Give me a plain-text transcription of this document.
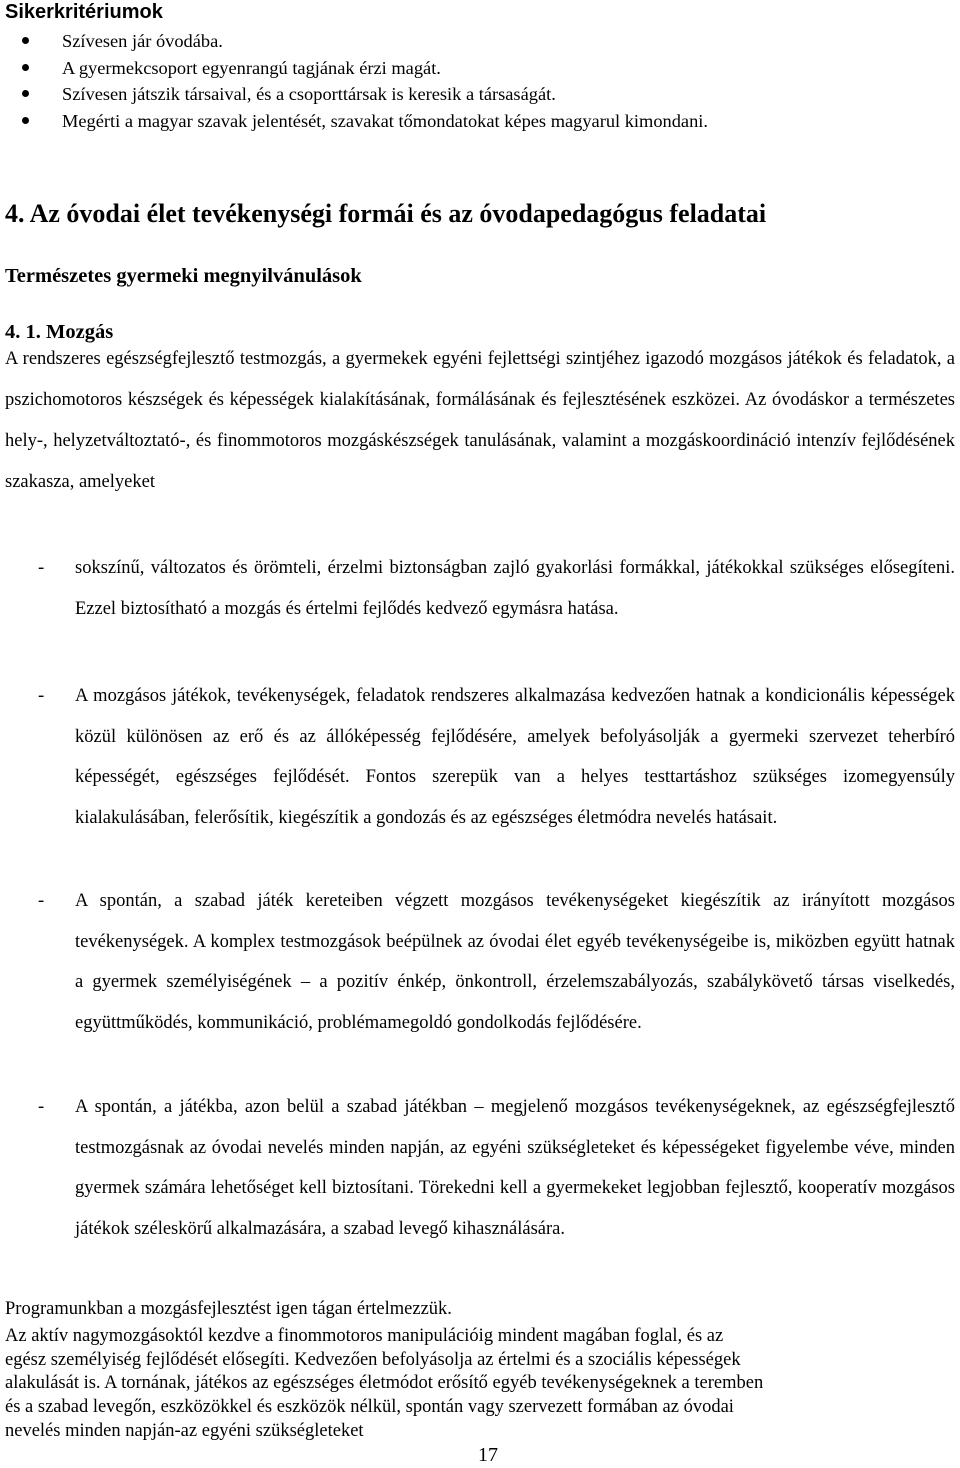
Sikerkritériumok
Szívesen jár óvodába.
A gyermekcsoport egyenrangú tagjának érzi magát.
Szívesen játszik társaival, és a csoporttársak is keresik a társaságát.
Megérti a magyar szavak jelentését, szavakat tőmondatokat képes magyarul kimondani.
4. Az óvodai élet tevékenységi formái és az óvodapedagógus feladatai
Természetes gyermeki megnyilvánulások
4. 1. Mozgás

A rendszeres egészségfejlesztő testmozgás, a gyermekek egyéni fejlettségi szintjéhez igazodó mozgásos játékok és feladatok, a pszichomotoros készségek és képességek kialakításának, formálásának és fejlesztésének eszközei. Az óvodáskor a természetes hely-, helyzetváltoztató-, és finommotoros mozgáskészségek tanulásának, valamint a mozgáskoordináció intenzív fejlődésének szakasza, amelyeket

- sokszínű, változatos és örömteli, érzelmi biztonságban zajló gyakorlási formákkal, játékokkal szükséges elősegíteni. Ezzel biztosítható a mozgás és értelmi fejlődés kedvező egymásra hatása.

- A mozgásos játékok, tevékenységek, feladatok rendszeres alkalmazása kedvezően hatnak a kondicionális képességek közül különösen az erő és az állóképesség fejlődésére, amelyek befolyásolják a gyermeki szervezet teherbíró képességét, egészséges fejlődését. Fontos szerepük van a helyes testtartáshoz szükséges izomegyensúly kialakulásában, felerősítik, kiegészítik a gondozás és az egészséges életmódra nevelés hatásait.

- A spontán, a szabad játék kereteiben végzett mozgásos tevékenységeket kiegészítik az irányított mozgásos tevékenységek. A komplex testmozgások beépülnek az óvodai élet egyéb tevékenységeibe is, miközben együtt hatnak a gyermek személyiségének – a pozitív énkép, önkontroll, érzelemszabályozás, szabálykövető társas viselkedés, együttműködés, kommunikáció, problémamegoldó gondolkodás fejlődésére.

- A spontán, a játékba, azon belül a szabad játékban – megjelenő mozgásos tevékenységeknek, az egészségfejlesztő testmozgásnak az óvodai nevelés minden napján, az egyéni szükségleteket és képességeket figyelembe véve, minden gyermek számára lehetőséget kell biztosítani. Törekedni kell a gyermekeket legjobban fejlesztő, kooperatív mozgásos játékok széleskörű alkalmazására, a szabad levegő kihasználására.

Programunkban a mozgásfejlesztést igen tágan értelmezzük.

Az aktív nagymozgásoktól kezdve a finommotoros manipulációig mindent magában foglal, és az
egész személyiség fejlődését elősegíti. Kedvezően befolyásolja az értelmi és a szociális képességek
alakulását is. A tornának, játékos az egészséges életmódot erősítő egyéb tevékenységeknek a teremben
és a szabad levegőn, eszközökkel és eszközök nélkül, spontán vagy szervezett formában az óvodai
nevelés minden napján-az egyéni szükségleteket

17
